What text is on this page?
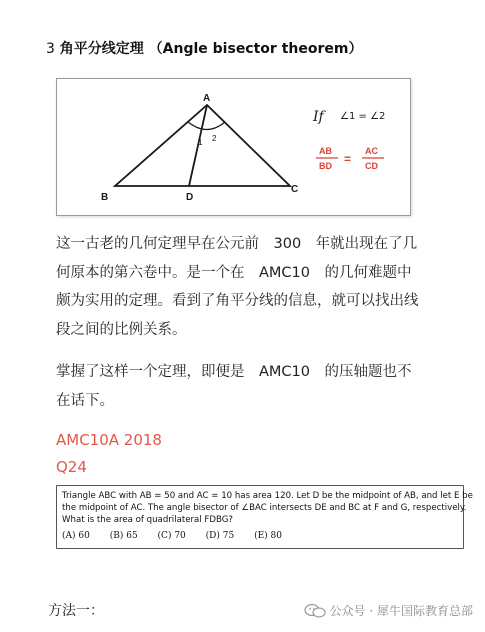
3 角平分线定理 （Angle bisector theorem）
A
B	D
C
1 2
If ∠1 = ∠2
AB
BD =
AC
CD
这一古老的几何定理早在公元前　300　年就出现在了几何原本的第六卷中。是一个在　AMC10　的几何难题中颇为实用的定理。看到了角平分线的信息，就可以找出线段之间的比例关系。
掌握了这样一个定理，即便是　AMC10　的压轴题也不在话下。
AMC10A 2018
Q24
Triangle ABC with AB = 50 and AC = 10 has area 120. Let D be the midpoint of AB, and let E be
the midpoint of AC. The angle bisector of ∠BAC intersects DE and BC at F and G, respectively.
What is the area of quadrilateral FDBG?
(A) 60 (B) 65 (C) 70 (D) 75 (E) 80
方法一：	公众号 · 犀牛国际教育总部
